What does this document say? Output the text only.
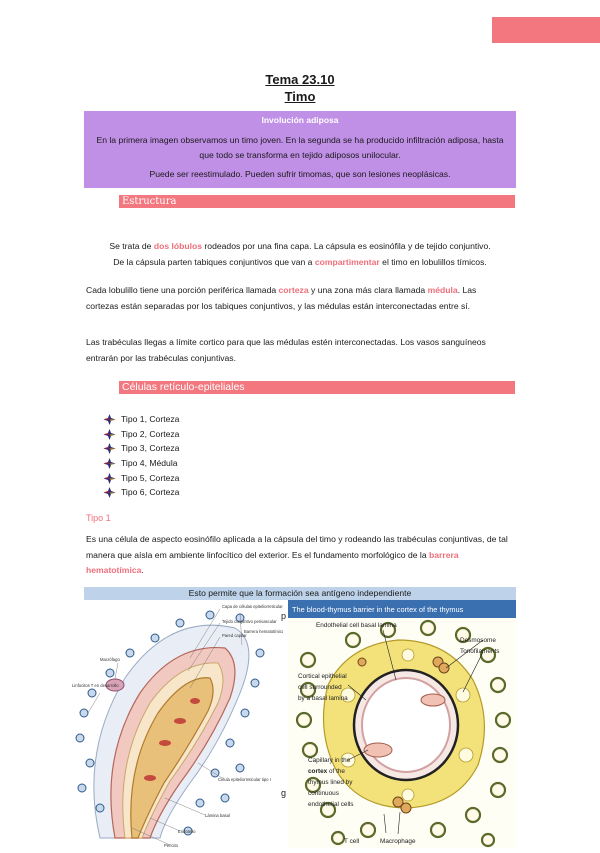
Tema 23.10
Timo
Involución adiposa
En la primera imagen observamos un timo joven. En la segunda se ha producido infiltración adiposa, hasta que todo se transforma en tejido adiposos unilocular.
Puede ser reestimulado. Pueden sufrir timomas, que son lesiones neoplásicas.
Estructura
Se trata de dos lóbulos rodeados por una fina capa. La cápsula es eosinófila y de tejido conjuntivo.
De la cápsula parten tabiques conjuntivos que van a compartimentar el timo en lobulillos tímicos.
Cada lobulillo tiene una porción periférica llamada corteza y una zona más clara llamada médula. Las cortezas están separadas por los tabiques conjuntivos, y las médulas están interconectadas entre sí.
Las trabéculas llegas a límite cortico para que las médulas estén interconectadas. Los vasos sanguíneos entrarán por las trabéculas conjuntivas.
Células retículo-epiteliales
Tipo 1, Corteza
Tipo 2, Corteza
Tipo 3, Corteza
Tipo 4, Médula
Tipo 5, Corteza
Tipo 6, Corteza
Tipo 1
Es una célula de aspecto eosinófilo aplicada a la cápsula del timo y rodeando las trabéculas conjuntivas, de tal manera que aísla em ambiente linfocítico del exterior. Es el fundamento morfológico de la barrera hematotímica.
Esto permite que la formación sea antígeno independiente
Capa de células epiteliorreticulares
Tejido conjuntivo perivascular
Pared capilar
Barrera hematotímica
Macrófago
Linfocitos T en desarrollo
Célula epiteliorreticular tipo I
Lámina basal
Endotelio
Pericito
p
g
The blood-thymus barrier in the cortex of the thymus
Endothelial cell basal lamina
Desmosome
Tonofilaments
Cortical epithelial
cell surrounded
by a basal lamina
Capillary in the
cortex of the
thymus lined by
continuous
endothelial cells
T cell	Macrophage
